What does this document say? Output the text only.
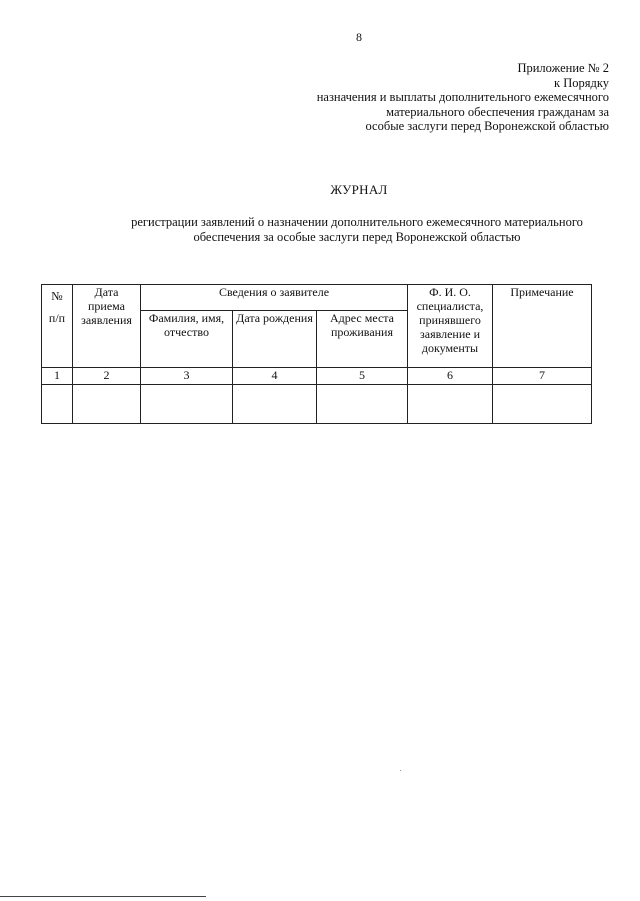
8
Приложение № 2
к Порядку
назначения и выплаты дополнительного ежемесячного
материального обеспечения гражданам за
особые заслуги перед Воронежской областью
ЖУРНАЛ
регистрации заявлений о назначении дополнительного ежемесячного материального обеспечения за особые заслуги перед Воронежской областью
№
п/п	Дата приема заявления	Сведения о заявителе			Ф. И. О. специалиста, принявшего заявление и документы	Примечание
		Фамилия, имя, отчество	Дата рождения	Адрес места проживания		
1	2	3	4	5	6	7
